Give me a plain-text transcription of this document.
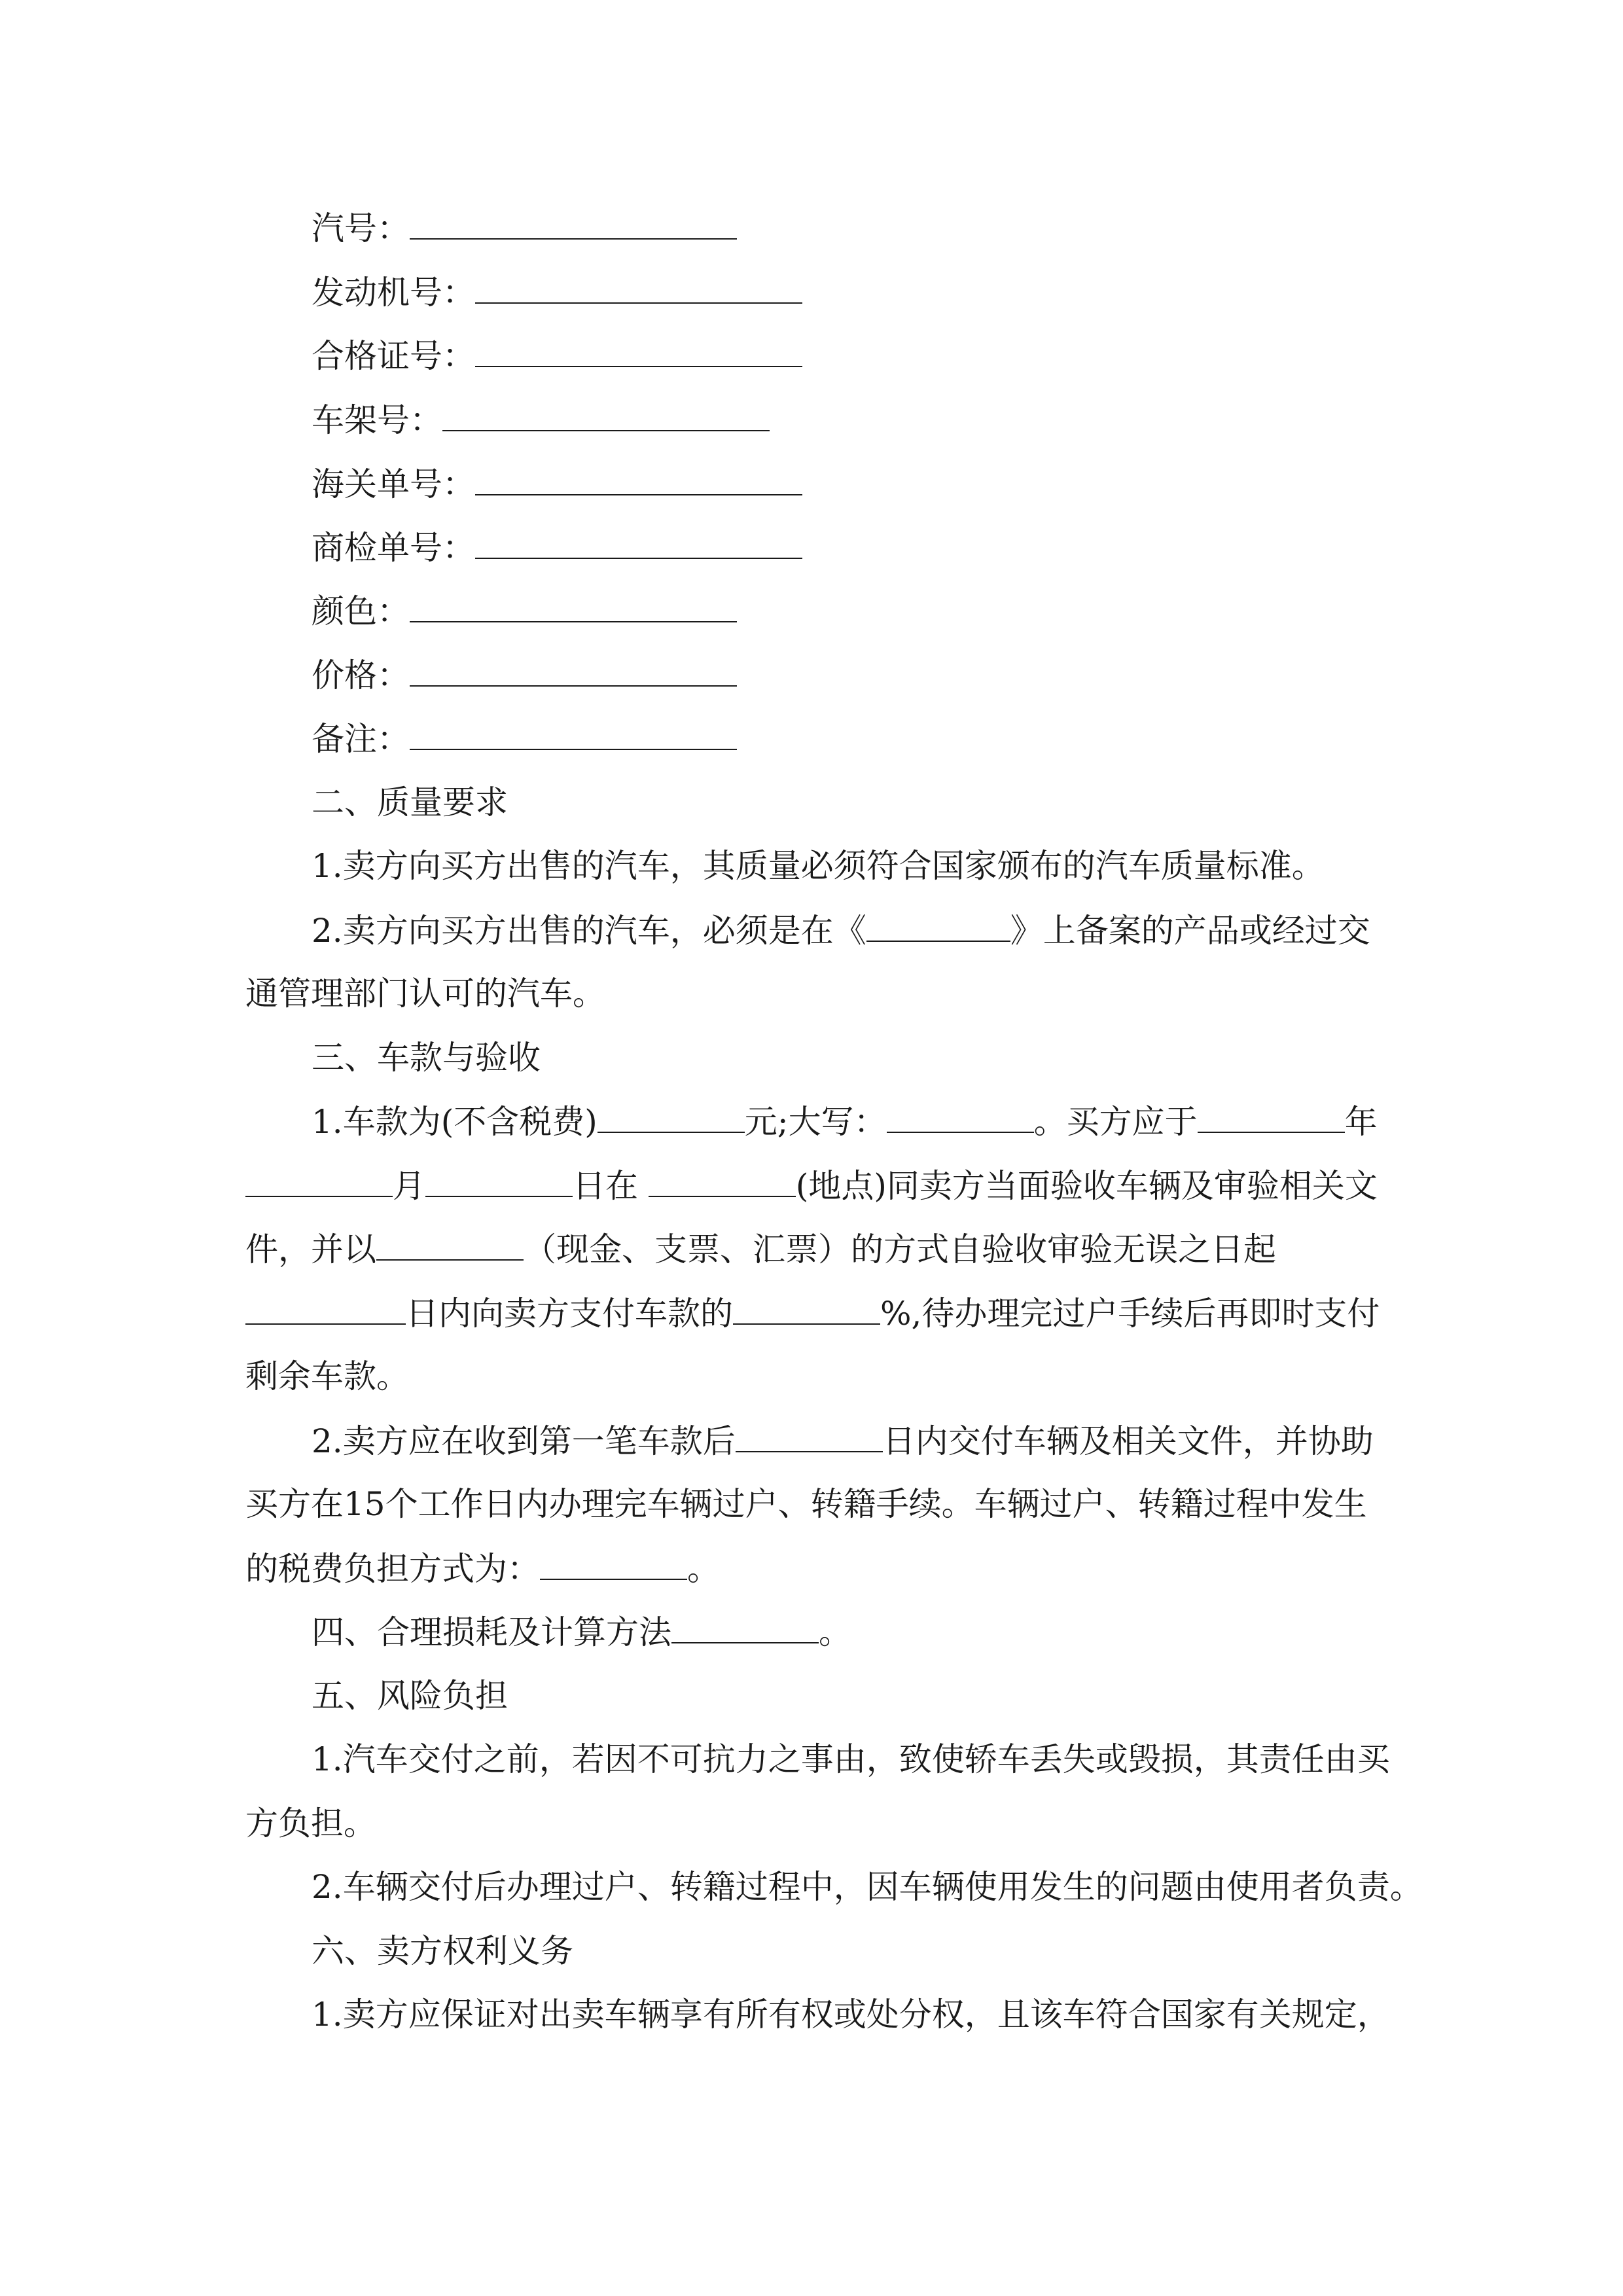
汽号：
发动机号：
合格证号：
车架号：
海关单号：
商检单号：
颜色：
价格：
备注：
二、质量要求
1.卖方向买方出售的汽车，其质量必须符合国家颁布的汽车质量标准。
2.卖方向买方出售的汽车，必须是在《	》上备案的产品或经过交
通管理部门认可的汽车。
三、车款与验收
1.车款为(不含税费)	元;大写：	。买方应于	年
月	日在	(地点)同卖方当面验收车辆及审验相关文
件，并以	（现金、支票、汇票）的方式自验收审验无误之日起
日内向卖方支付车款的	%,待办理完过户手续后再即时支付
剩余车款。
2.卖方应在收到第一笔车款后	日内交付车辆及相关文件，并协助
买方在15个工作日内办理完车辆过户、转籍手续。车辆过户、转籍过程中发生
的税费负担方式为：	。
四、合理损耗及计算方法	。
五、风险负担
1.汽车交付之前，若因不可抗力之事由，致使轿车丢失或毁损，其责任由买
方负担。
2.车辆交付后办理过户、转籍过程中，因车辆使用发生的问题由使用者负责。
六、卖方权利义务
1.卖方应保证对出卖车辆享有所有权或处分权，且该车符合国家有关规定，
